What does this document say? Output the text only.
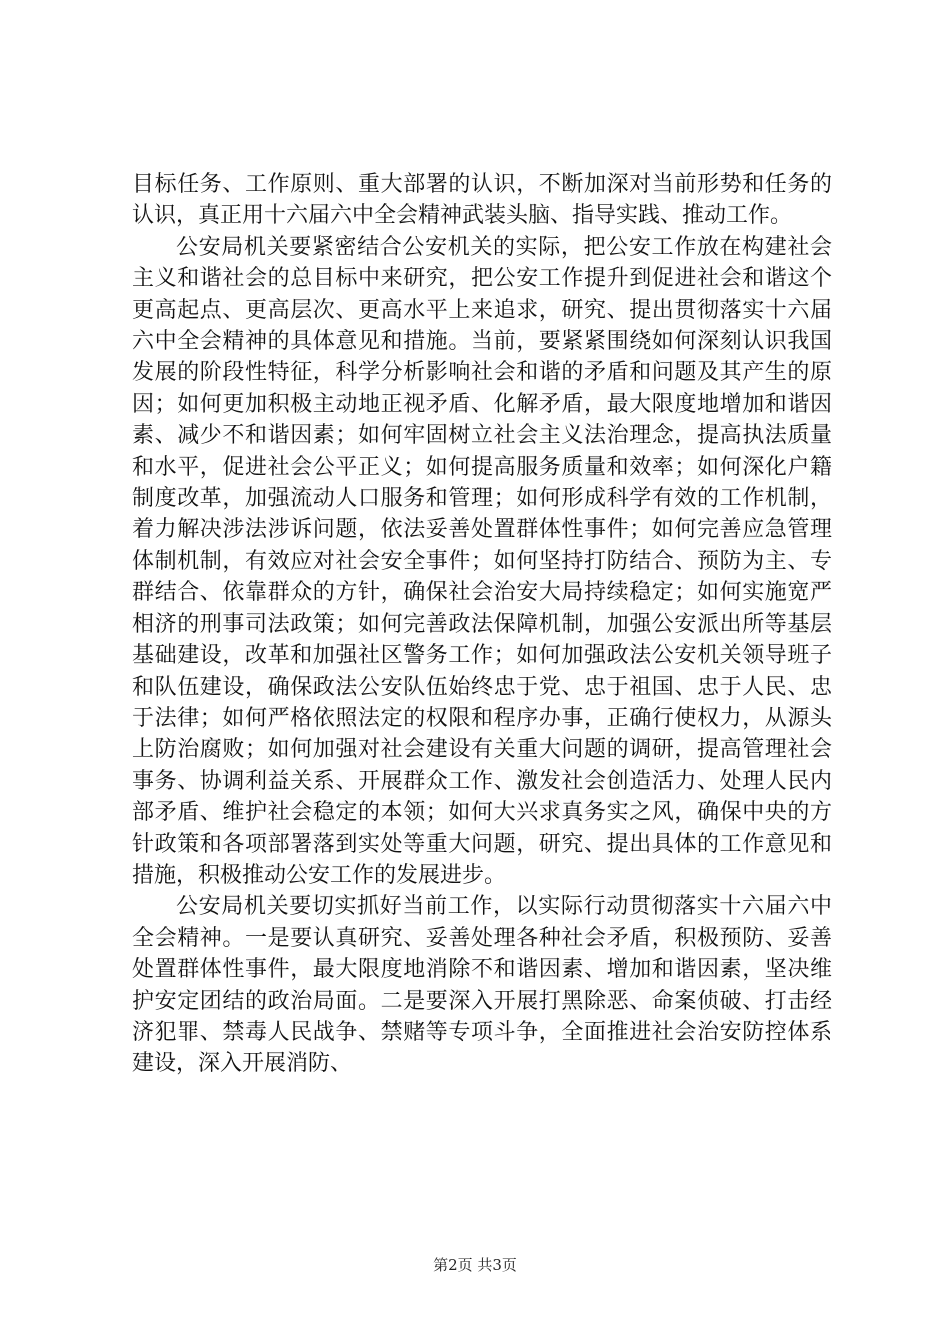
目标任务、工作原则、重大部署的认识，不断加深对当前形势和任务的认识，真正用十六届六中全会精神武装头脑、指导实践、推动工作。

公安局机关要紧密结合公安机关的实际，把公安工作放在构建社会主义和谐社会的总目标中来研究，把公安工作提升到促进社会和谐这个更高起点、更高层次、更高水平上来追求，研究、提出贯彻落实十六届六中全会精神的具体意见和措施。当前，要紧紧围绕如何深刻认识我国发展的阶段性特征，科学分析影响社会和谐的矛盾和问题及其产生的原因；如何更加积极主动地正视矛盾、化解矛盾，最大限度地增加和谐因素、减少不和谐因素；如何牢固树立社会主义法治理念，提高执法质量和水平，促进社会公平正义；如何提高服务质量和效率；如何深化户籍制度改革，加强流动人口服务和管理；如何形成科学有效的工作机制，着力解决涉法涉诉问题，依法妥善处置群体性事件；如何完善应急管理体制机制，有效应对社会安全事件；如何坚持打防结合、预防为主、专群结合、依靠群众的方针，确保社会治安大局持续稳定；如何实施宽严相济的刑事司法政策；如何完善政法保障机制，加强公安派出所等基层基础建设，改革和加强社区警务工作；如何加强政法公安机关领导班子和队伍建设，确保政法公安队伍始终忠于党、忠于祖国、忠于人民、忠于法律；如何严格依照法定的权限和程序办事，正确行使权力，从源头上防治腐败；如何加强对社会建设有关重大问题的调研，提高管理社会事务、协调利益关系、开展群众工作、激发社会创造活力、处理人民内部矛盾、维护社会稳定的本领；如何大兴求真务实之风，确保中央的方针政策和各项部署落到实处等重大问题，研究、提出具体的工作意见和措施，积极推动公安工作的发展进步。

公安局机关要切实抓好当前工作，以实际行动贯彻落实十六届六中全会精神。一是要认真研究、妥善处理各种社会矛盾，积极预防、妥善处置群体性事件，最大限度地消除不和谐因素、增加和谐因素，坚决维护安定团结的政治局面。二是要深入开展打黑除恶、命案侦破、打击经济犯罪、禁毒人民战争、禁赌等专项斗争，全面推进社会治安防控体系建设，深入开展消防、

第2页 共3页
